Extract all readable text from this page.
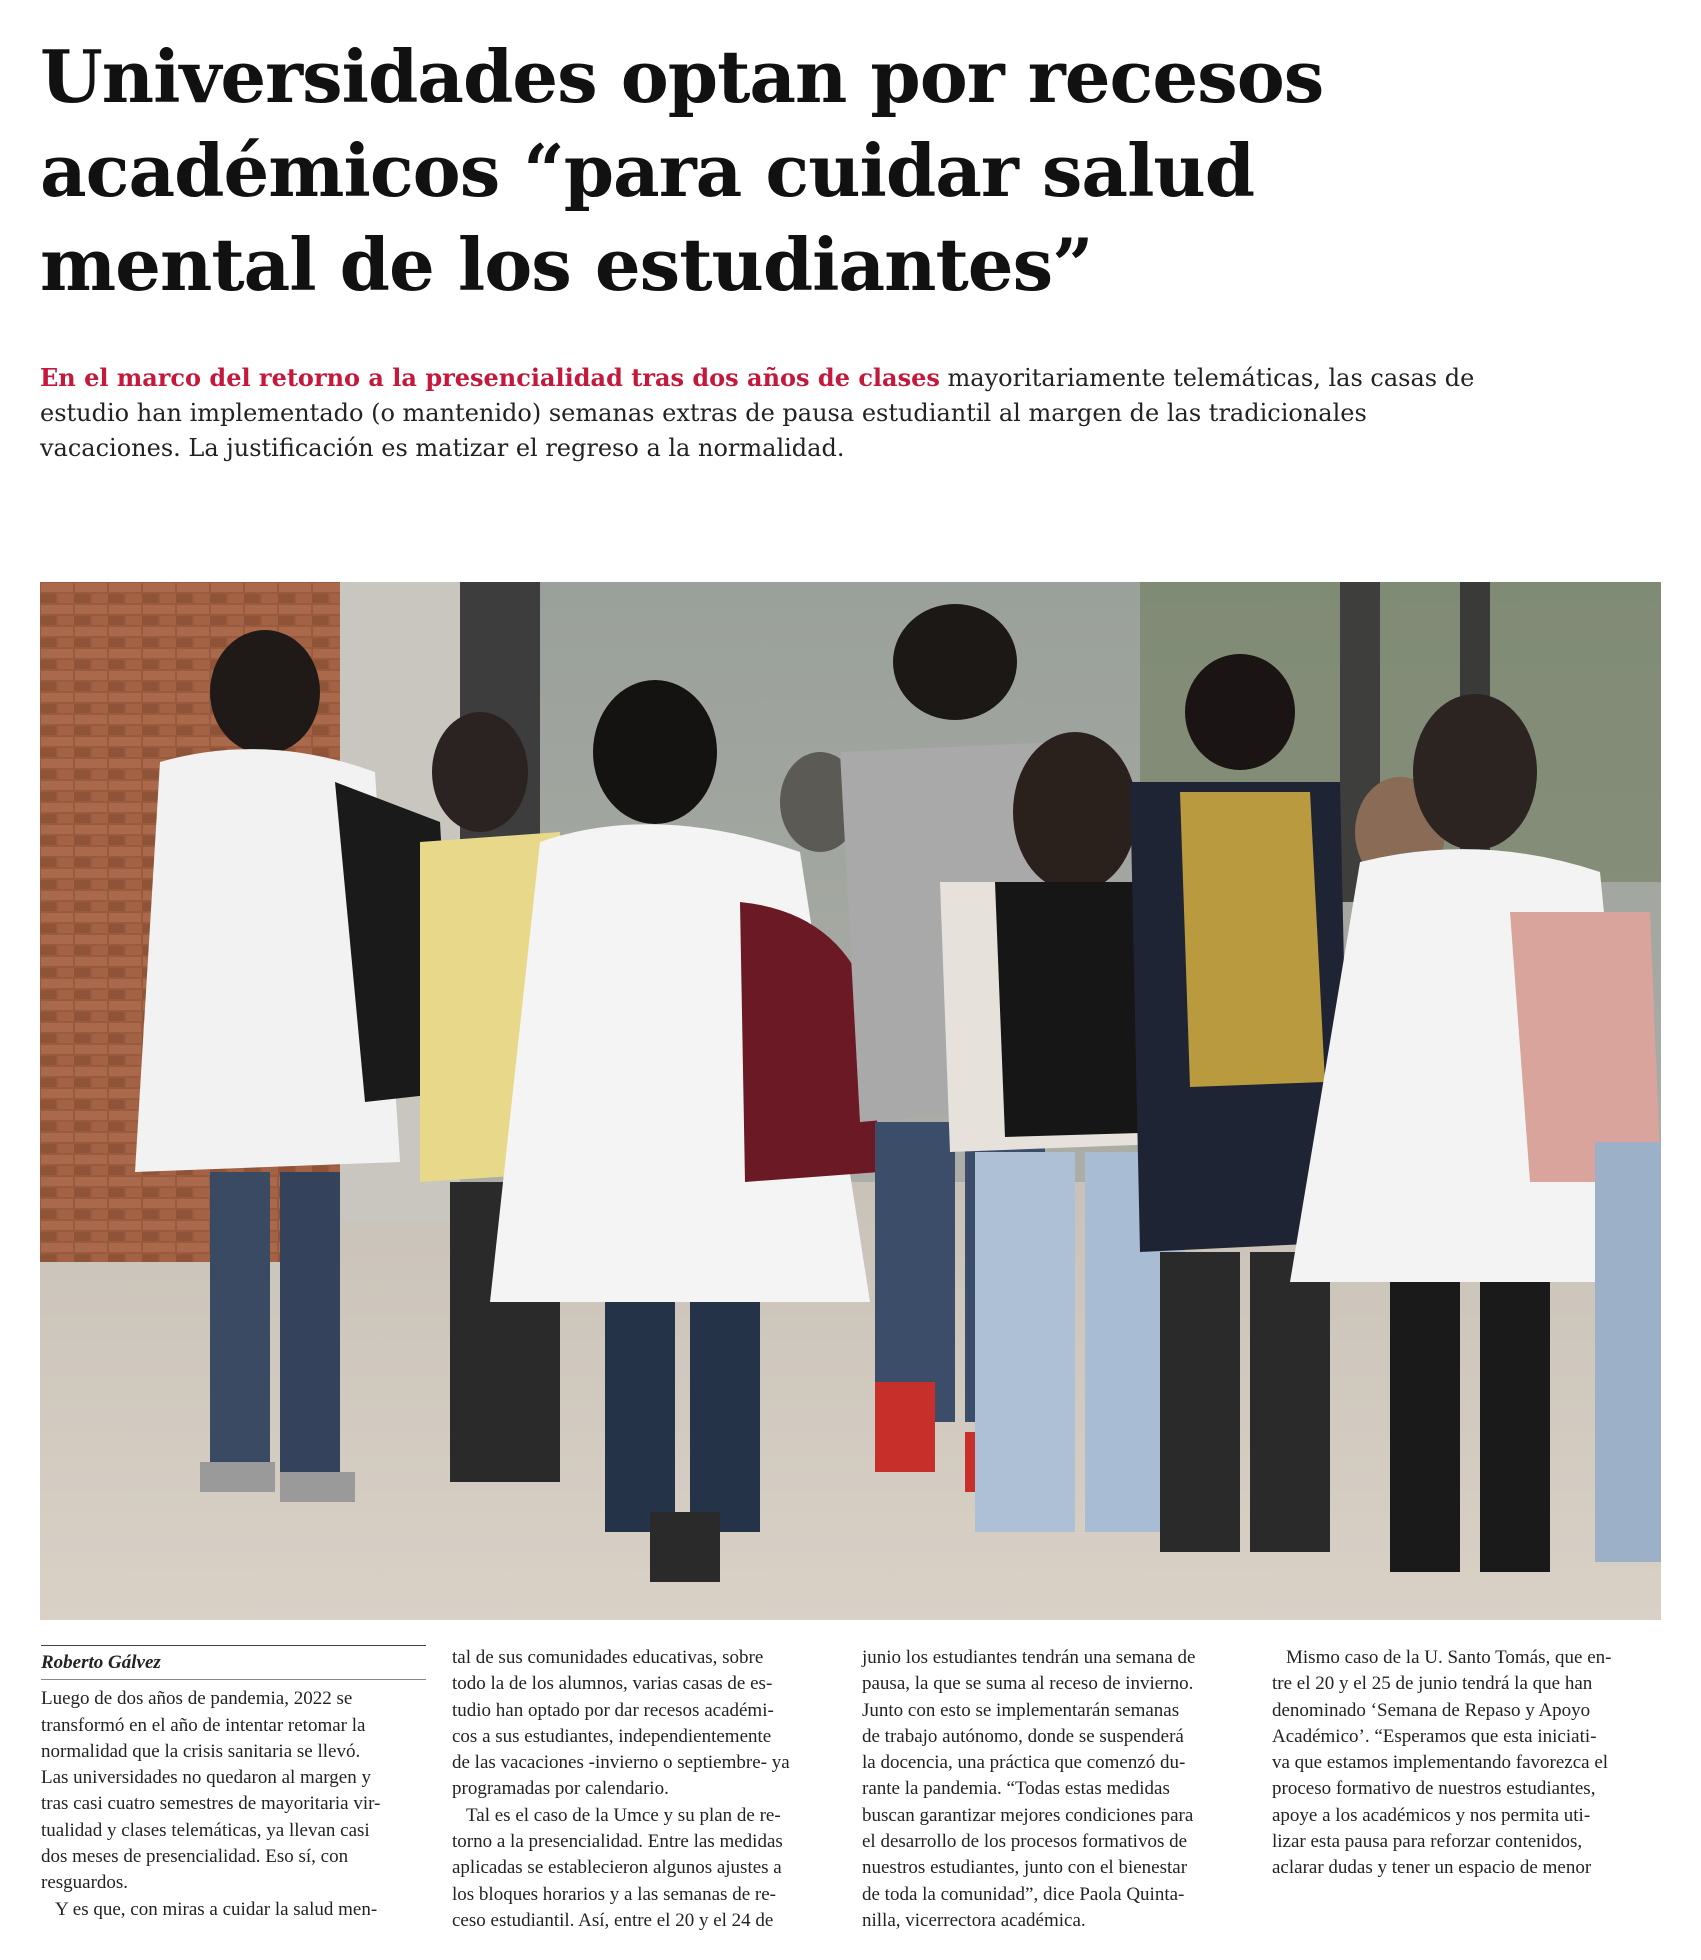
Universidades optan por recesos
académicos “para cuidar salud
mental de los estudiantes”

En el marco del retorno a la presencialidad tras dos años de clases mayoritariamente telemáticas, las casas de
estudio han implementado (o mantenido) semanas extras de pausa estudiantil al margen de las tradicionales
vacaciones. La justificación es matizar el regreso a la normalidad.

Roberto Gálvez

Luego de dos años de pandemia, 2022 se
transformó en el año de intentar retomar la
normalidad que la crisis sanitaria se llevó.
Las universidades no quedaron al margen y
tras casi cuatro semestres de mayoritaria vir-
tualidad y clases telemáticas, ya llevan casi
dos meses de presencialidad. Eso sí, con
resguardos.
Y es que, con miras a cuidar la salud men-

tal de sus comunidades educativas, sobre
todo la de los alumnos, varias casas de es-
tudio han optado por dar recesos académi-
cos a sus estudiantes, independientemente
de las vacaciones -invierno o septiembre- ya
programadas por calendario.
Tal es el caso de la Umce y su plan de re-
torno a la presencialidad. Entre las medidas
aplicadas se establecieron algunos ajustes a
los bloques horarios y a las semanas de re-
ceso estudiantil. Así, entre el 20 y el 24 de

junio los estudiantes tendrán una semana de
pausa, la que se suma al receso de invierno.
Junto con esto se implementarán semanas
de trabajo autónomo, donde se suspenderá
la docencia, una práctica que comenzó du-
rante la pandemia. “Todas estas medidas
buscan garantizar mejores condiciones para
el desarrollo de los procesos formativos de
nuestros estudiantes, junto con el bienestar
de toda la comunidad”, dice Paola Quinta-
nilla, vicerrectora académica.

Mismo caso de la U. Santo Tomás, que en-
tre el 20 y el 25 de junio tendrá la que han
denominado ‘Semana de Repaso y Apoyo
Académico’. “Esperamos que esta iniciati-
va que estamos implementando favorezca el
proceso formativo de nuestros estudiantes,
apoye a los académicos y nos permita uti-
lizar esta pausa para reforzar contenidos,
aclarar dudas y tener un espacio de menor
